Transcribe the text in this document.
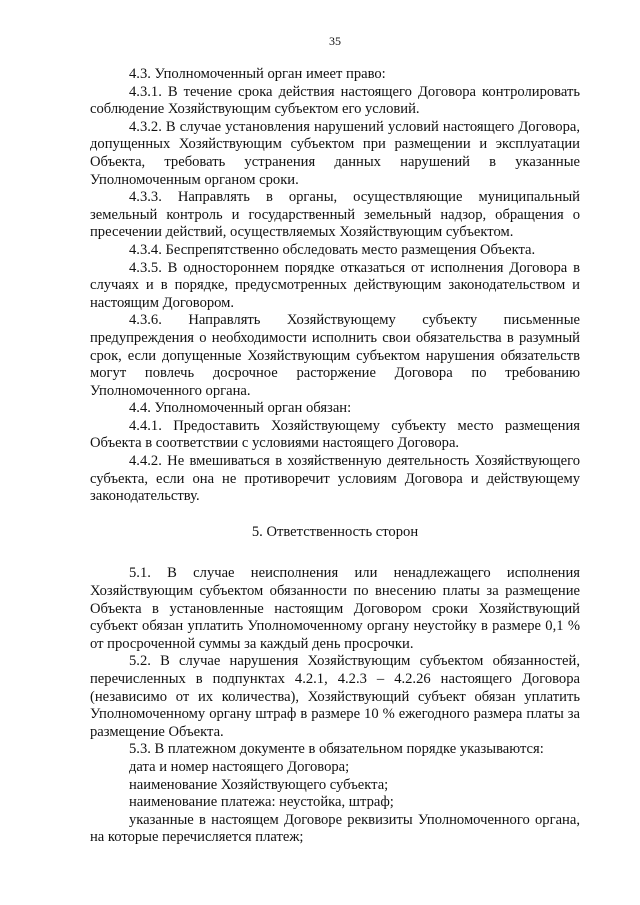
35

4.3. Уполномоченный орган имеет право:

4.3.1. В течение срока действия настоящего Договора контролировать соблюдение Хозяйствующим субъектом его условий.

4.3.2. В случае установления нарушений условий настоящего Договора, допущенных Хозяйствующим субъектом при размещении и эксплуатации Объекта, требовать устранения данных нарушений в указанные Уполномоченным органом сроки.

4.3.3. Направлять в органы, осуществляющие муниципальный земельный контроль и государственный земельный надзор, обращения о пресечении действий, осуществляемых Хозяйствующим субъектом.

4.3.4. Беспрепятственно обследовать место размещения Объекта.

4.3.5. В одностороннем порядке отказаться от исполнения Договора в случаях и в порядке, предусмотренных действующим законодательством и настоящим Договором.

4.3.6. Направлять Хозяйствующему субъекту письменные предупреждения о необходимости исполнить свои обязательства в разумный срок, если допущенные Хозяйствующим субъектом нарушения обязательств могут повлечь досрочное расторжение Договора по требованию Уполномоченного органа.

4.4. Уполномоченный орган обязан:

4.4.1. Предоставить Хозяйствующему субъекту место размещения Объекта в соответствии с условиями настоящего Договора.

4.4.2. Не вмешиваться в хозяйственную деятельность Хозяйствующего субъекта, если она не противоречит условиям Договора и действующему законодательству.

5. Ответственность сторон

5.1. В случае неисполнения или ненадлежащего исполнения Хозяйствующим субъектом обязанности по внесению платы за размещение Объекта в установленные настоящим Договором сроки Хозяйствующий субъект обязан уплатить Уполномоченному органу неустойку в размере 0,1 % от просроченной суммы за каждый день просрочки.

5.2. В случае нарушения Хозяйствующим субъектом обязанностей, перечисленных в подпунктах 4.2.1, 4.2.3 – 4.2.26 настоящего Договора (независимо от их количества), Хозяйствующий субъект обязан уплатить Уполномоченному органу штраф в размере 10 % ежегодного размера платы за размещение Объекта.

5.3. В платежном документе в обязательном порядке указываются:

дата и номер настоящего Договора;

наименование Хозяйствующего субъекта;

наименование платежа: неустойка, штраф;

указанные в настоящем Договоре реквизиты Уполномоченного органа, на которые перечисляется платеж;
